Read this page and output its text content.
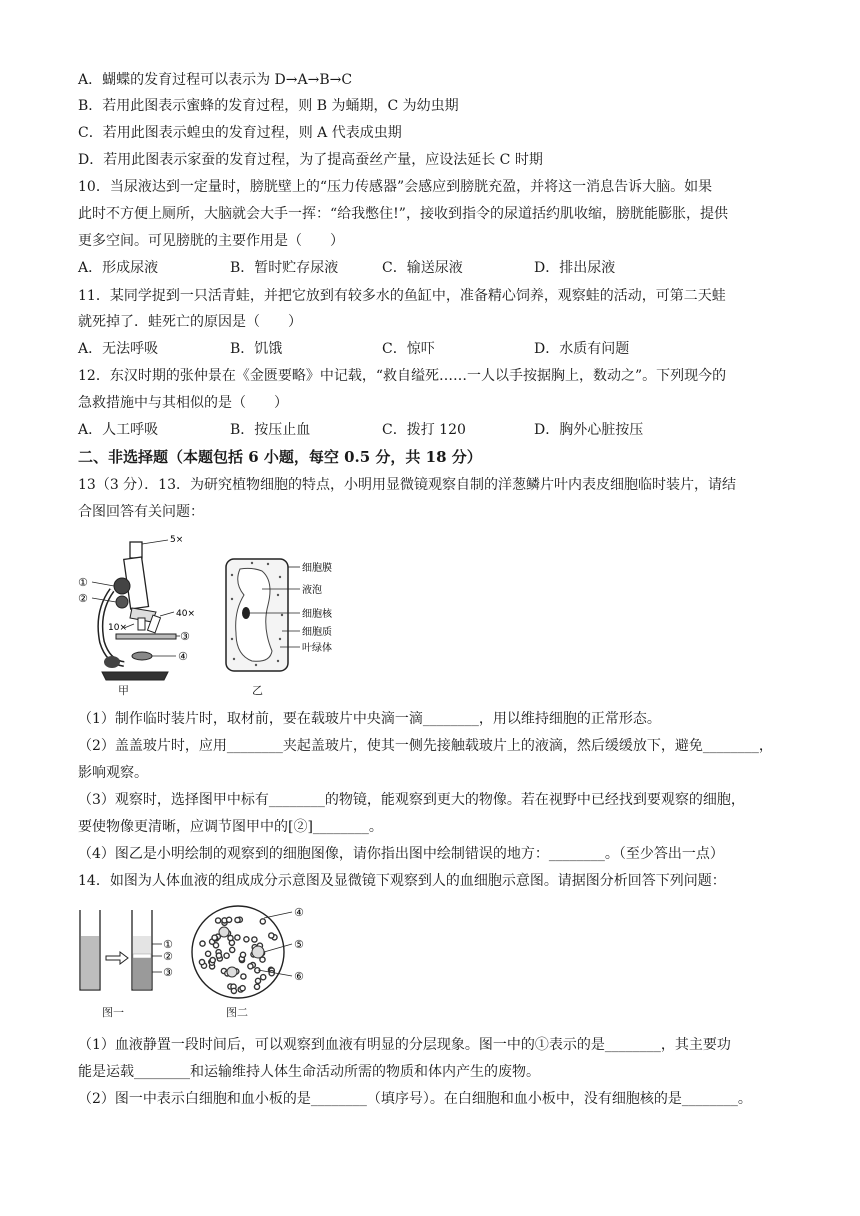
A．蝴蝶的发育过程可以表示为 D→A→B→C
B．若用此图表示蜜蜂的发育过程，则 B 为蛹期，C 为幼虫期
C．若用此图表示蝗虫的发育过程，则 A 代表成虫期
D．若用此图表示家蚕的发育过程，为了提高蚕丝产量，应设法延长 C 时期
10．当尿液达到一定量时，膀胱壁上的“压力传感器”会感应到膀胱充盈，并将这一消息告诉大脑。如果
此时不方便上厕所，大脑就会大手一挥：“给我憋住!”，接收到指令的尿道括约肌收缩，膀胱能膨胀，提供
更多空间。可见膀胱的主要作用是（　　）
A．形成尿液	B．暂时贮存尿液	C．输送尿液	D．排出尿液
11．某同学捉到一只活青蛙，并把它放到有较多水的鱼缸中，准备精心饲养，观察蛙的活动，可第二天蛙
就死掉了．蛙死亡的原因是（　　）
A．无法呼吸	B．饥饿	C．惊吓	D．水质有问题
12．东汉时期的张仲景在《金匮要略》中记载，“救自缢死……一人以手按据胸上，数动之”。下列现今的
急救措施中与其相似的是（　　）
A．人工呼吸	B．按压止血	C．拨打 120	D．胸外心脏按压
二、非选择题（本题包括 6 小题，每空 0.5 分，共 18 分）
13（3 分）．13．为研究植物细胞的特点，小明用显微镜观察自制的洋葱鳞片叶内表皮细胞临时装片，请结
合图回答有关问题：
5×
①
②
40×
10×
③
④
甲
细胞膜
液泡
细胞核
细胞质
叶绿体
乙
（1）制作临时装片时，取材前，要在载玻片中央滴一滴________，用以维持细胞的正常形态。
（2）盖盖玻片时，应用________夹起盖玻片，使其一侧先接触载玻片上的液滴，然后缓缓放下，避免________，
影响观察。
（3）观察时，选择图甲中标有________的物镜，能观察到更大的物像。若在视野中已经找到要观察的细胞，
要使物像更清晰，应调节图甲中的[②]________。
（4）图乙是小明绘制的观察到的细胞图像，请你指出图中绘制错误的地方：________。（至少答出一点）
14．如图为人体血液的组成成分示意图及显微镜下观察到人的血细胞示意图。请据图分析回答下列问题：
①
②
③
图一
④
⑤
⑥
图二
（1）血液静置一段时间后，可以观察到血液有明显的分层现象。图一中的①表示的是________，其主要功
能是运载________和运输维持人体生命活动所需的物质和体内产生的废物。
（2）图一中表示白细胞和血小板的是________（填序号）。在白细胞和血小板中，没有细胞核的是________。
